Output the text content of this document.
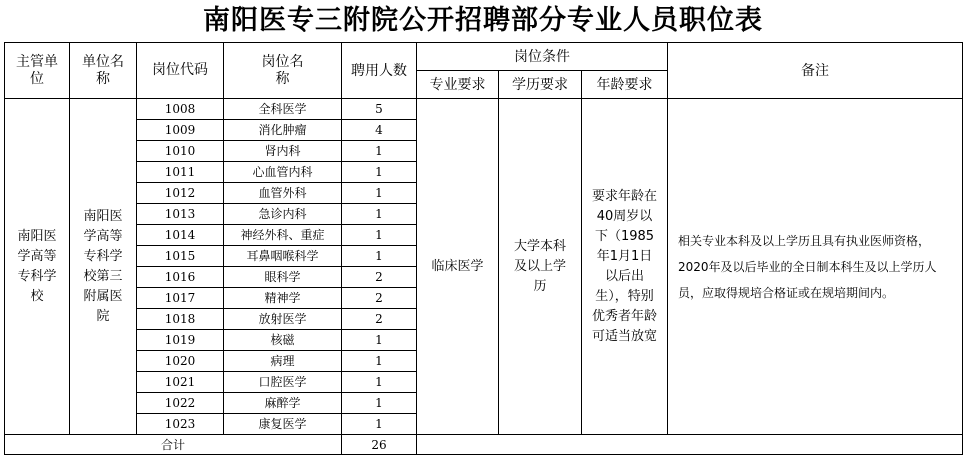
南阳医专三附院公开招聘部分专业人员职位表
主管单位	单位名称	岗位代码	岗位名称	聘用人数	岗位条件			备注
					专业要求	学历要求	年龄要求	
南阳医学高等专科学校	南阳医学高等专科学校第三附属医院	1008	全科医学	5	临床医学	大学本科及以上学历	要求年龄在40周岁以下（1985年1月1日以后出生），特别优秀者年龄可适当放宽	相关专业本科及以上学历且具有执业医师资格，2020年及以后毕业的全日制本科生及以上学历人员，应取得规培合格证或在规培期间内。
		1009	消化肿瘤	4				
		1010	肾内科	1				
		1011	心血管内科	1				
		1012	血管外科	1				
		1013	急诊内科	1				
		1014	神经外科、重症	1				
		1015	耳鼻咽喉科学	1				
		1016	眼科学	2				
		1017	精神学	2				
		1018	放射医学	2				
		1019	核磁	1				
		1020	病理	1				
		1021	口腔医学	1				
		1022	麻醉学	1				
		1023	康复医学	1				
合计				26				
